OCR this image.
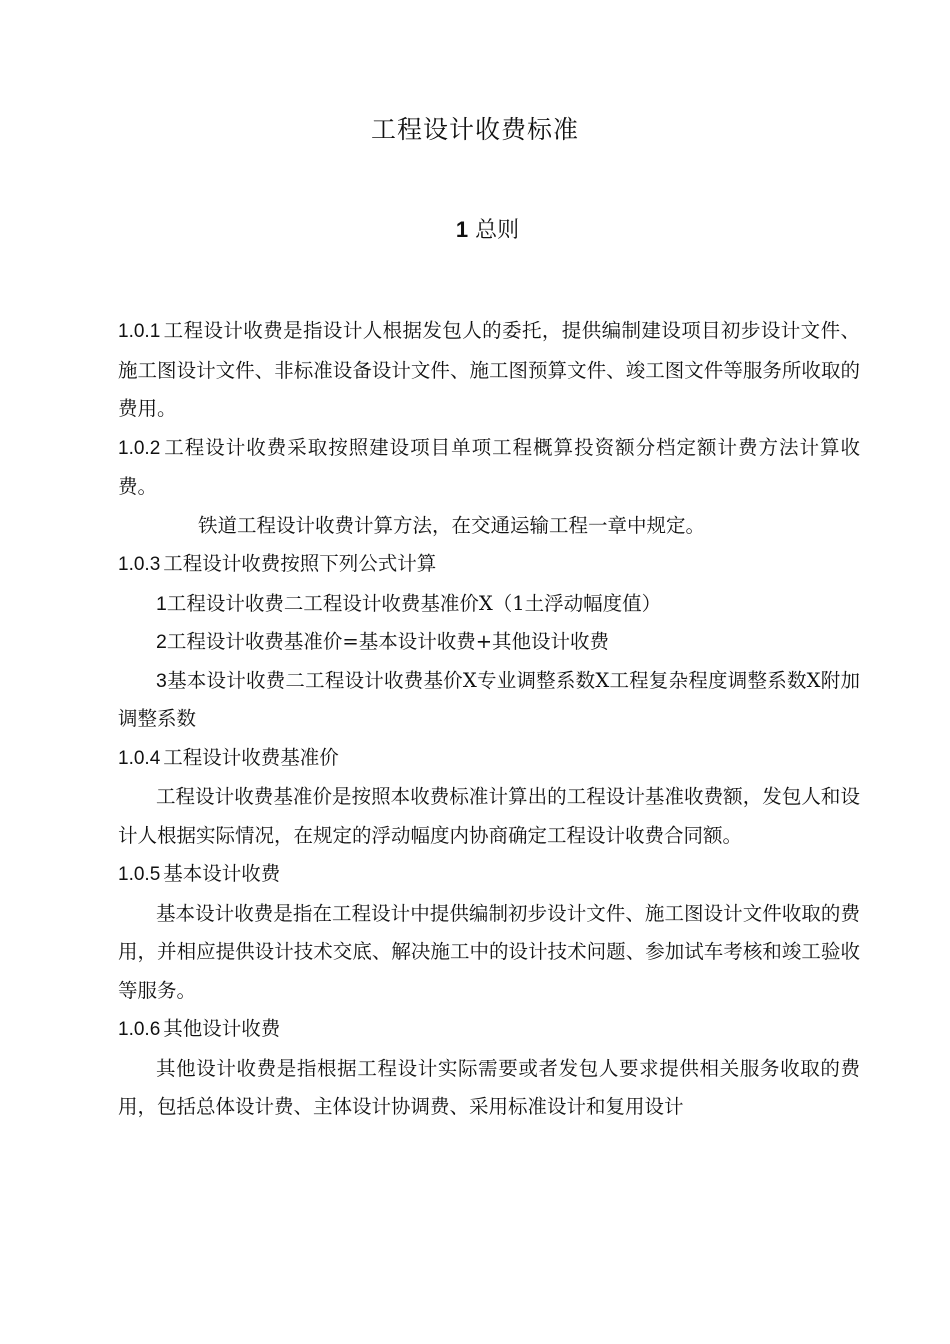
工程设计收费标准
1 总则

1.0.1 工程设计收费是指设计人根据发包人的委托，提供编制建设项目初步设计文件、施工图设计文件、非标准设备设计文件、施工图预算文件、竣工图文件等服务所收取的费用。

1.0.2 工程设计收费采取按照建设项目单项工程概算投资额分档定额计费方法计算收费。

铁道工程设计收费计算方法，在交通运输工程一章中规定。

1.0.3 工程设计收费按照下列公式计算

1工程设计收费二工程设计收费基准价X（1土浮动幅度值）

2工程设计收费基准价=基本设计收费+其他设计收费

3基本设计收费二工程设计收费基价X专业调整系数X工程复杂程度调整系数X附加调整系数

1.0.4 工程设计收费基准价

工程设计收费基准价是按照本收费标准计算出的工程设计基准收费额，发包人和设计人根据实际情况，在规定的浮动幅度内协商确定工程设计收费合同额。

1.0.5 基本设计收费

基本设计收费是指在工程设计中提供编制初步设计文件、施工图设计文件收取的费用，并相应提供设计技术交底、解决施工中的设计技术问题、参加试车考核和竣工验收等服务。

1.0.6 其他设计收费

其他设计收费是指根据工程设计实际需要或者发包人要求提供相关服务收取的费用，包括总体设计费、主体设计协调费、采用标准设计和复用设计
